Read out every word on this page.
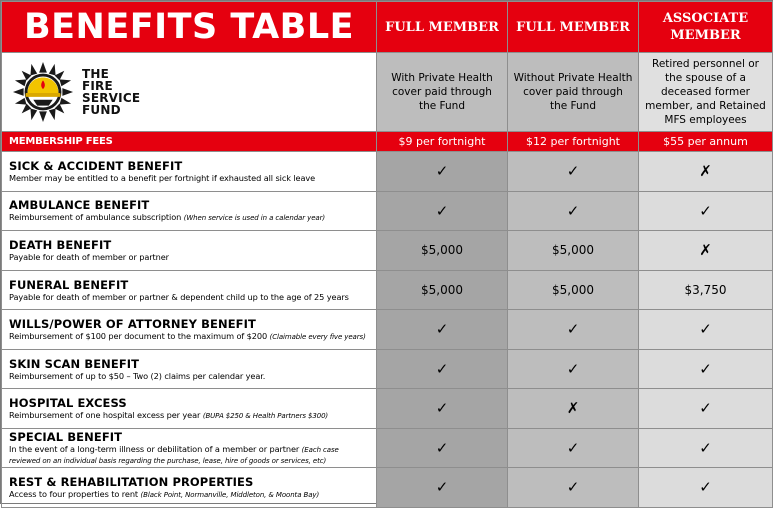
BENEFITS TABLE	FULL MEMBER	FULL MEMBER	ASSOCIATE MEMBER

THE
FIRE
SERVICE
FUND	With Private Health cover paid through the Fund	Without Private Health cover paid through the Fund	Retired personnel or the spouse of a deceased former member, and Retained MFS employees

MEMBERSHIP FEES	$9 per fortnight	$12 per fortnight	$55 per annum

SICK & ACCIDENT BENEFIT
Member may be entitled to a benefit per fortnight if exhausted all sick leave	✓	✓	✗

AMBULANCE BENEFIT
Reimbursement of ambulance subscription (When service is used in a calendar year)	✓	✓	✓

DEATH BENEFIT
Payable for death of member or partner	$5,000	$5,000	✗

FUNERAL BENEFIT
Payable for death of member or partner & dependent child up to the age of 25 years	$5,000	$5,000	$3,750

WILLS/POWER OF ATTORNEY BENEFIT
Reimbursement of $100 per document to the maximum of $200 (Claimable every five years)	✓	✓	✓

SKIN SCAN BENEFIT
Reimbursement of up to $50 – Two (2) claims per calendar year.	✓	✓	✓

HOSPITAL EXCESS
Reimbursement of one hospital excess per year (BUPA $250 & Health Partners $300)	✓	✗	✓

SPECIAL BENEFIT
In the event of a long-term illness or debilitation of a member or partner (Each case reviewed on an individual basis regarding the purchase, lease, hire of goods or services, etc)	✓	✓	✓

REST & REHABILITATION PROPERTIES
Access to four properties to rent (Black Point, Normanville, Middleton, & Moonta Bay)	✓	✓	✓
